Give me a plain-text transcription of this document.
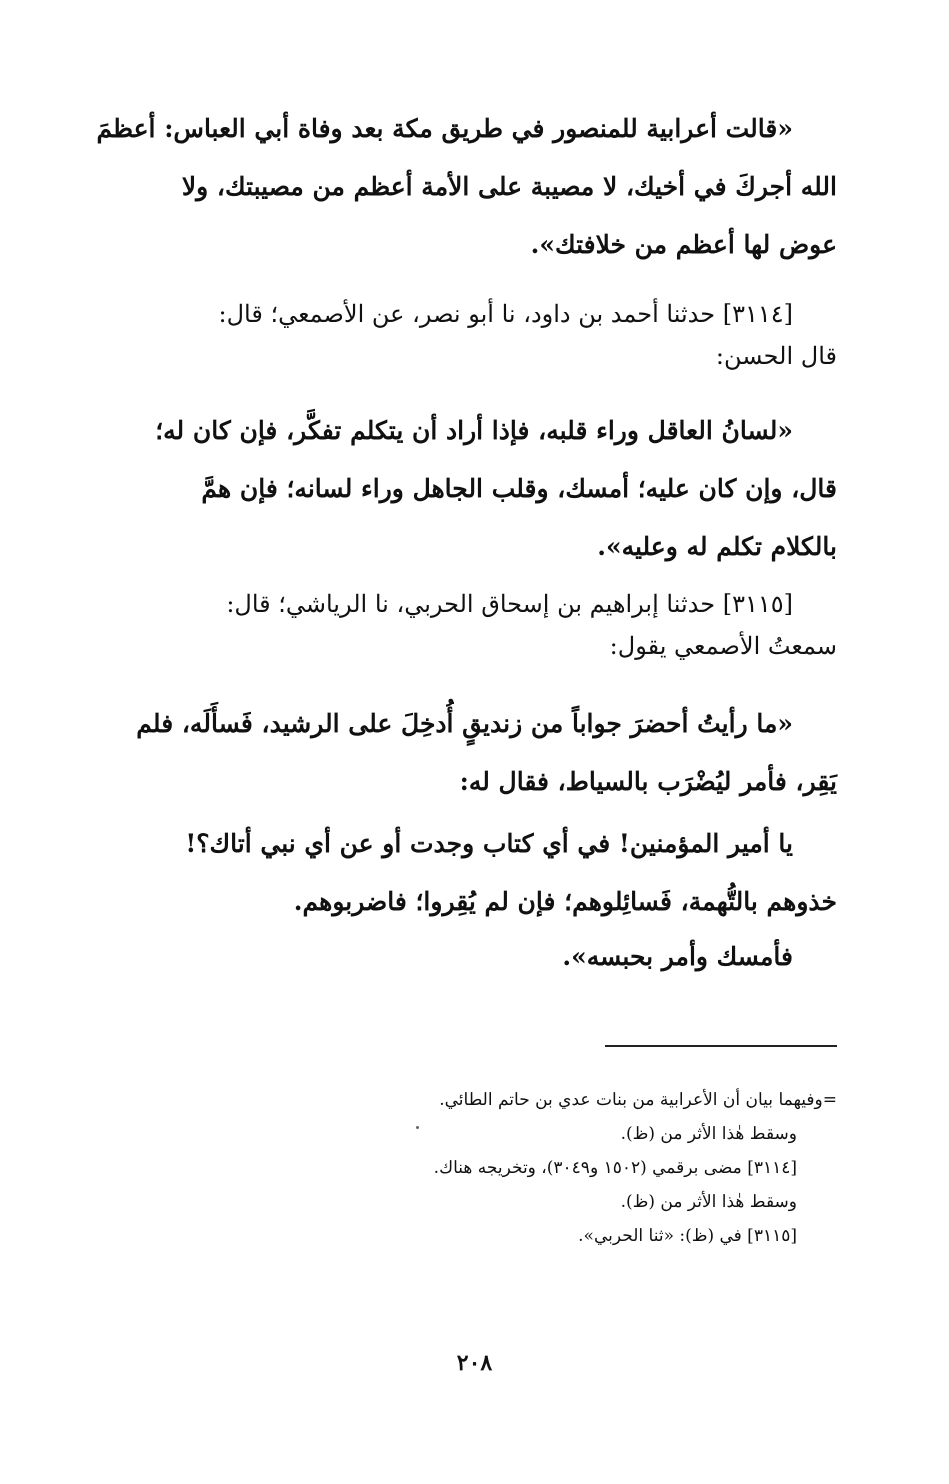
«قالت أعرابية للمنصور في طريق مكة بعد وفاة أبي العباس: أعظمَ
الله أجركَ في أخيك، لا مصيبة على الأمة أعظم من مصيبتك، ولا
عوض لها أعظم من خلافتك».
[٣١١٤] حدثنا أحمد بن داود، نا أبو نصر، عن الأصمعي؛ قال:
قال الحسن:
«لسانُ العاقل وراء قلبه، فإذا أراد أن يتكلم تفكَّر، فإن كان له؛
قال، وإن كان عليه؛ أمسك، وقلب الجاهل وراء لسانه؛ فإن همَّ
بالكلام تكلم له وعليه».
[٣١١٥] حدثنا إبراهيم بن إسحاق الحربي، نا الرياشي؛ قال:
سمعتُ الأصمعي يقول:
«ما رأيتُ أحضرَ جواباً من زنديقٍ أُدخِلَ على الرشيد، فَسأَلَه، فلم
يَقِر، فأمر ليُضْرَب بالسياط، فقال له:
يا أمير المؤمنين! في أي كتاب وجدت أو عن أي نبي أتاك؟!
خذوهم بالتُّهمة، فَسائِلوهم؛ فإن لم يُقِروا؛ فاضربوهم.
فأمسك وأمر بحبسه».
=وفيهما بيان أن الأعرابية من بنات عدي بن حاتم الطائي.
وسقط هٰذا الأثر من (ظ).
[٣١١٤] مضى برقمي (١٥٠٢ و٣٠٤٩)، وتخريجه هناك.
وسقط هٰذا الأثر من (ظ).
[٣١١٥] في (ظ): «ثنا الحربي».
٢٠٨
